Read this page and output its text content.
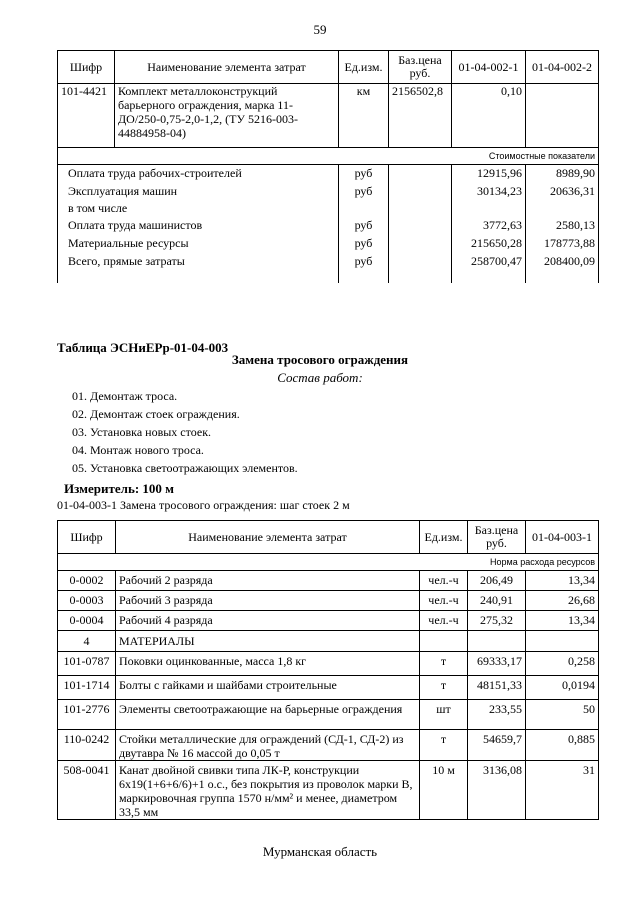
59
Шифр	Наименование элемента затрат	Ед.изм.	Баз.цена руб.	01-04-002-1	01-04-002-2
101-4421	Комплект металлоконструкций барьерного ограждения, марка 11-ДО/250-0,75-2,0-1,2, (ТУ 5216-003-44884958-04)	км	2156502,8	0,10	
Стоимостные показатели					
Оплата труда рабочих-строителей		руб		12915,96	8989,90
Эксплуатация машин		руб		30134,23	20636,31
в том числе					
Оплата труда машинистов		руб		3772,63	2580,13
Материальные ресурсы		руб		215650,28	178773,88
Всего, прямые затраты		руб		258700,47	208400,09

Таблица ЭСНиЕРр-01-04-003
Замена тросового ограждения
Состав работ:
01. Демонтаж троса.
02. Демонтаж стоек ограждения.
03. Установка новых стоек.
04. Монтаж нового троса.
05. Установка светоотражающих элементов.
Измеритель: 100 м
01-04-003-1 Замена тросового ограждения: шаг стоек 2 м
Шифр	Наименование элемента затрат	Ед.изм.	Баз.цена руб.	01-04-003-1
Норма расхода ресурсов				
0-0002	Рабочий 2 разряда	чел.-ч	206,49	13,34
0-0003	Рабочий 3 разряда	чел.-ч	240,91	26,68
0-0004	Рабочий 4 разряда	чел.-ч	275,32	13,34
4	МАТЕРИАЛЫ			
101-0787	Поковки оцинкованные, масса 1,8 кг	т	69333,17	0,258
101-1714	Болты с гайками и шайбами строительные	т	48151,33	0,0194
101-2776	Элементы светоотражающие на барьерные ограждения	шт	233,55	50
110-0242	Стойки металлические для ограждений (СД-1, СД-2) из двутавра № 16 массой до 0,05 т	т	54659,7	0,885
508-0041	Канат двойной свивки типа ЛК-Р, конструкции 6х19(1+6+6/6)+1 о.с., без покрытия из проволок марки В, маркировочная группа 1570 н/мм² и менее, диаметром 33,5 мм	10 м	3136,08	31
Мурманская область
